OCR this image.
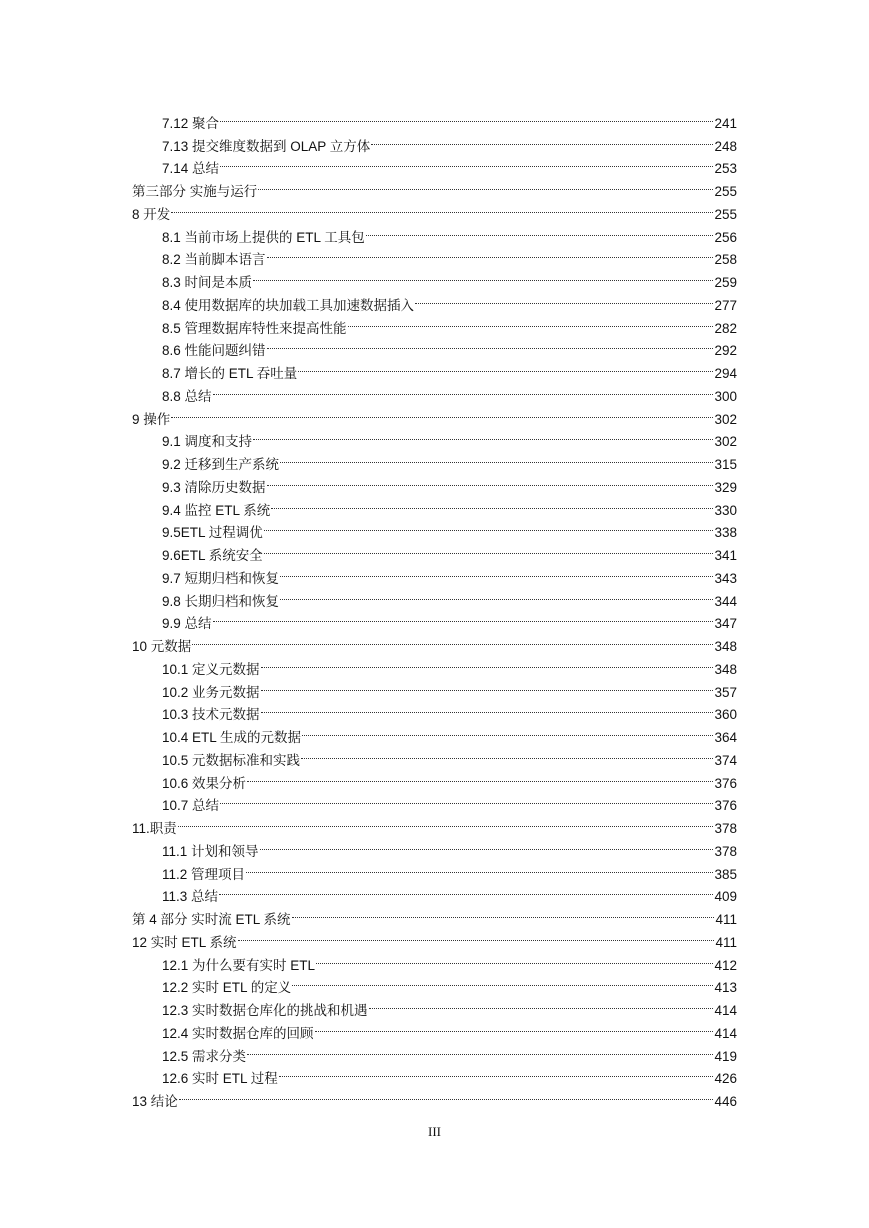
7.12 聚合	241
7.13 提交维度数据到 OLAP 立方体	248
7.14 总结	253
第三部分 实施与运行	255
8 开发	255
8.1 当前市场上提供的 ETL 工具包	256
8.2 当前脚本语言	258
8.3 时间是本质	259
8.4 使用数据库的块加载工具加速数据插入	277
8.5 管理数据库特性来提高性能	282
8.6 性能问题纠错	292
8.7 增长的 ETL 吞吐量	294
8.8 总结	300
9 操作	302
9.1 调度和支持	302
9.2 迁移到生产系统	315
9.3 清除历史数据	329
9.4 监控 ETL 系统	330
9.5ETL 过程调优	338
9.6ETL 系统安全	341
9.7 短期归档和恢复	343
9.8 长期归档和恢复	344
9.9 总结	347
10 元数据	348
10.1 定义元数据	348
10.2 业务元数据	357
10.3 技术元数据	360
10.4 ETL 生成的元数据	364
10.5 元数据标准和实践	374
10.6 效果分析	376
10.7 总结	376
11.职责	378
11.1 计划和领导	378
11.2 管理项目	385
11.3 总结	409
第 4 部分 实时流 ETL 系统	411
12 实时 ETL 系统	411
12.1 为什么要有实时 ETL	412
12.2 实时 ETL 的定义	413
12.3 实时数据仓库化的挑战和机遇	414
12.4 实时数据仓库的回顾	414
12.5 需求分类	419
12.6 实时 ETL 过程	426
13 结论	446
III
